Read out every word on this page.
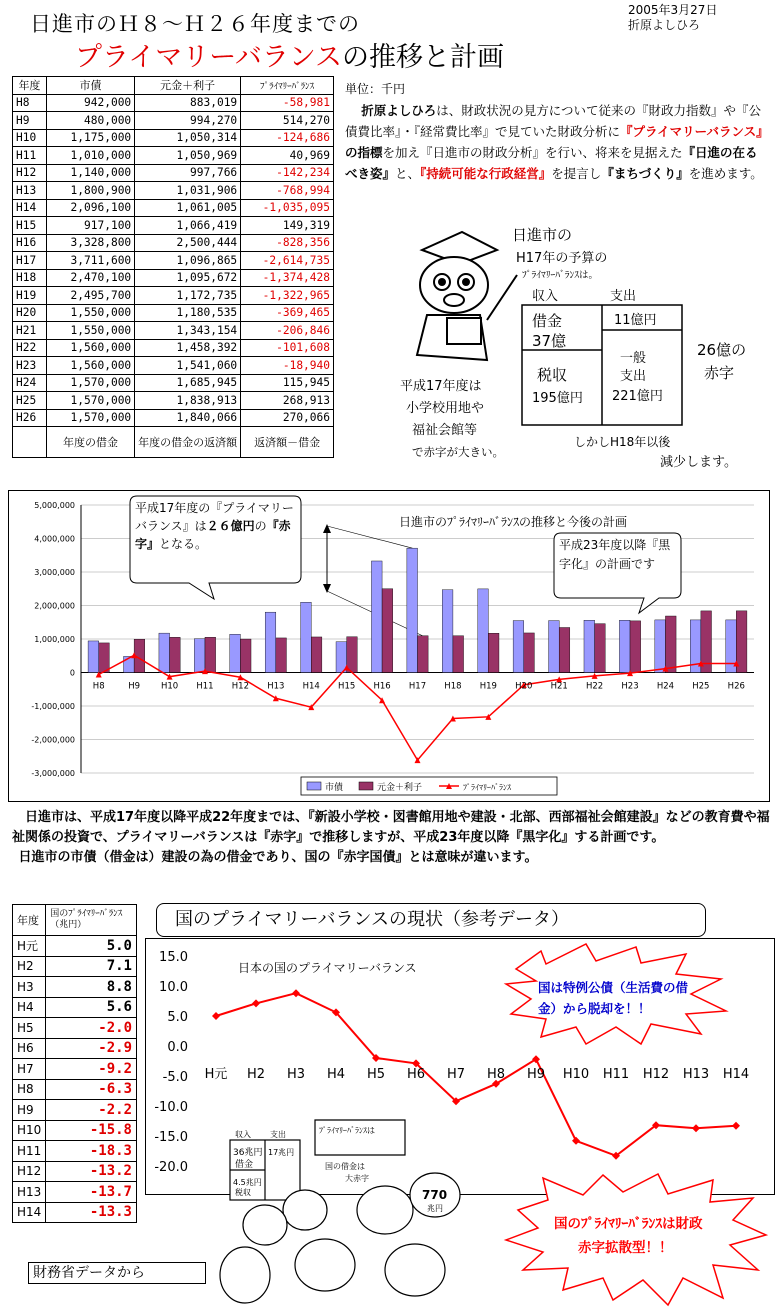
日進市のＨ８～Ｈ２６年度までの
プライマリーバランスの推移と計画
2005年3月27日
折原よしひろ
年度	市債	元金＋利子	ﾌﾟﾗｲﾏﾘｰﾊﾞﾗﾝｽ
H8	942,000	883,019	-58,981
H9	480,000	994,270	514,270
H10	1,175,000	1,050,314	-124,686
H11	1,010,000	1,050,969	40,969
H12	1,140,000	997,766	-142,234
H13	1,800,900	1,031,906	-768,994
H14	2,096,100	1,061,005	-1,035,095
H15	917,100	1,066,419	149,319
H16	3,328,800	2,500,444	-828,356
H17	3,711,600	1,096,865	-2,614,735
H18	2,470,100	1,095,672	-1,374,428
H19	2,495,700	1,172,735	-1,322,965
H20	1,550,000	1,180,535	-369,465
H21	1,550,000	1,343,154	-206,846
H22	1,560,000	1,458,392	-101,608
H23	1,560,000	1,541,060	-18,940
H24	1,570,000	1,685,945	115,945
H25	1,570,000	1,838,913	268,913
H26	1,570,000	1,840,066	270,066
	年度の借金	年度の借金の返済額	返済額－借金
単位：千円
折原よしひろは、財政状況の見方について従来の『財政力指数』や『公債費比率』・『経常費比率』で見ていた財政分析に『プライマリーバランス』の指標を加え『日進市の財政分析』を行い、将来を見据えた『日進の在るべき姿』と、『持続可能な行政経営』を提言し『まちづくり』を進めます。
日進市の
H17年の予算の
ﾌﾟﾗｲﾏﾘｰﾊﾞﾗﾝｽは。
収入	支出
借金
37億
11億円
税収
195億円
一般
支出
221億円
26億の
赤字
平成17年度は
小学校用地や
福祉会館等
で赤字が大きい。
しかしH18年以後
減少します。
日進市のﾌﾟﾗｲﾏﾘｰﾊﾞﾗﾝｽの推移と今後の計画
5,000,000
4,000,000
3,000,000
2,000,000
1,000,000
0
-1,000,000
-2,000,000
-3,000,000
H8	H9 H10 H11 H12 H13 H14 H15 H16 H17 H18 H19 H20 H21 H22 H23 H24 H25 H26
平成17年度の『プライマリーバランス』は２６億円の『赤字』となる。	平成23年度以降『黒字化』の計画です
市債	元金＋利子	ﾌﾟﾗｲﾏﾘｰﾊﾞﾗﾝｽ
日進市は、平成17年度以降平成22年度までは、『新設小学校・図書館用地や建設・北部、西部福祉会館建設』などの教育費や福祉関係の投資で、プライマリーバランスは『赤字』で推移しますが、平成23年度以降『黒字化』する計画です。
日進市の市債（借金は）建設の為の借金であり、国の『赤字国債』とは意味が違います。
年度	国のﾌﾟﾗｲﾏﾘｰﾊﾞﾗﾝｽ（兆円）
H元	5.0
H2	7.1
H3	8.8
H4	5.6
H5	-2.0
H6	-2.9
H7	-9.2
H8	-6.3
H9	-2.2
H10	-15.8
H11	-18.3
H12	-13.2
H13	-13.7
H14	-13.3
国のプライマリーバランスの現状（参考データ）
日本の国のプライマリーバランス
15.0
10.0
5.0
0.0
-5.0
-10.0
-15.0
-20.0
H元 H2 H3 H4 H5 H6 H7 H8 H9 H10 H11 H12 H13 H14
国は特例公債（生活費の借
金）から脱却を！！
収入 支出
36兆円
借金
17兆円
4.5兆円
税収
ﾌﾟﾗｲﾏﾘｰﾊﾞﾗﾝｽは
国の借金は
770
兆円
大赤字
国のﾌﾟﾗｲﾏﾘｰﾊﾞﾗﾝｽは財政
赤字拡散型！！
財務省データから
